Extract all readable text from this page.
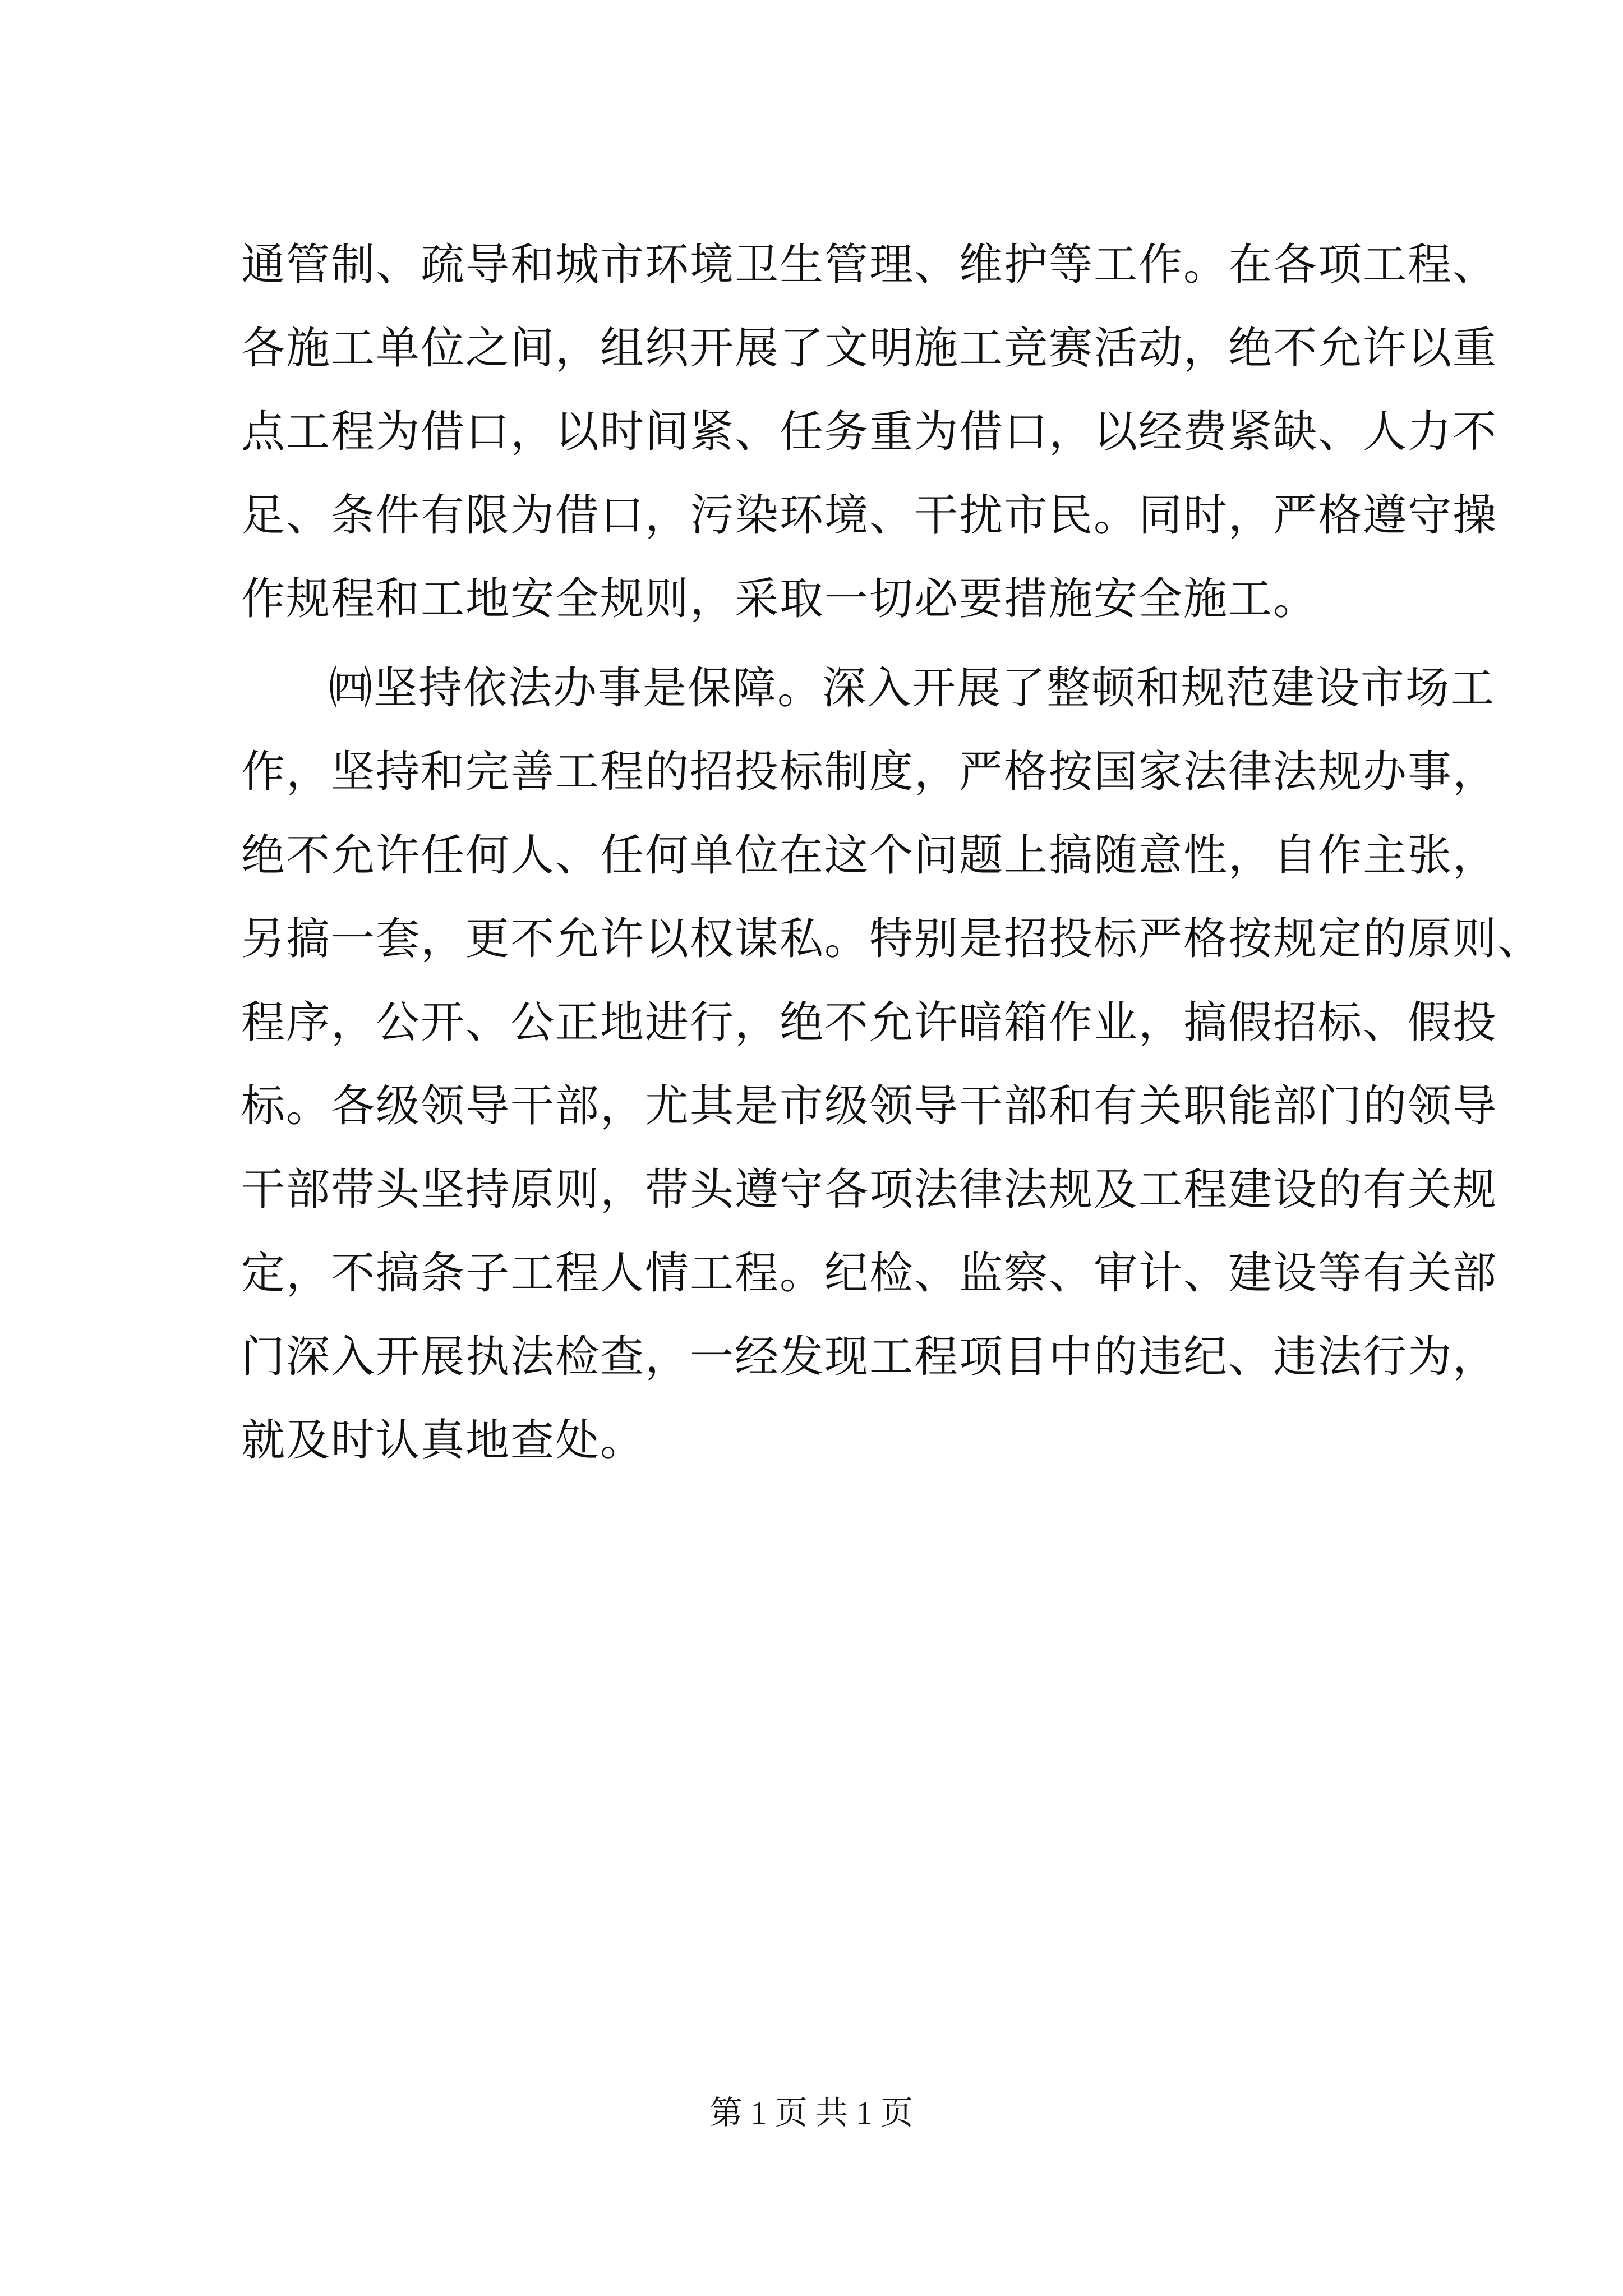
通管制、疏导和城市环境卫生管理、维护等工作。在各项工程、
各施工单位之间，组织开展了文明施工竞赛活动，绝不允许以重
点工程为借口，以时间紧、任务重为借口，以经费紧缺、人力不
足、条件有限为借口，污染环境、干扰市民。同时，严格遵守操
作规程和工地安全规则，采取一切必要措施安全施工。
㈣坚持依法办事是保障。深入开展了整顿和规范建设市场工
作，坚持和完善工程的招投标制度，严格按国家法律法规办事，
绝不允许任何人、任何单位在这个问题上搞随意性，自作主张，
另搞一套，更不允许以权谋私。特别是招投标严格按规定的原则、
程序，公开、公正地进行，绝不允许暗箱作业，搞假招标、假投
标。各级领导干部，尤其是市级领导干部和有关职能部门的领导
干部带头坚持原则，带头遵守各项法律法规及工程建设的有关规
定，不搞条子工程人情工程。纪检、监察、审计、建设等有关部
门深入开展执法检查，一经发现工程项目中的违纪、违法行为，
就及时认真地查处。
第 1 页 共 1 页
